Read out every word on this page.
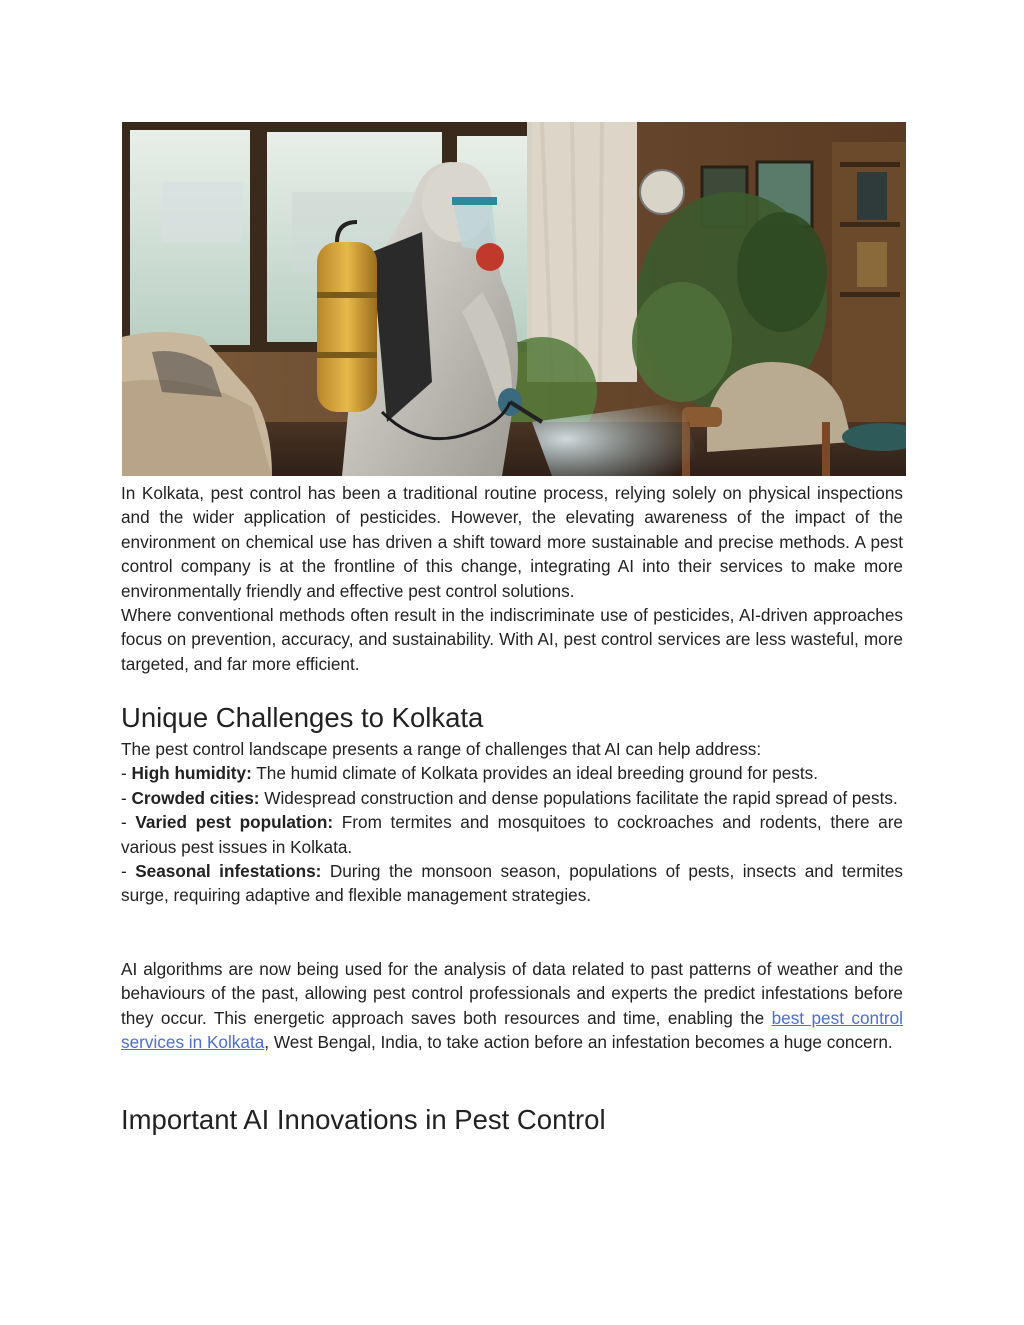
In Kolkata, pest control has been a traditional routine process, relying solely on physical inspections and the wider application of pesticides. However, the elevating awareness of the impact of the environment on chemical use has driven a shift toward more sustainable and precise methods. A pest control company is at the frontline of this change, integrating AI into their services to make more environmentally friendly and effective pest control solutions.

Where conventional methods often result in the indiscriminate use of pesticides, AI-driven approaches focus on prevention, accuracy, and sustainability. With AI, pest control services are less wasteful, more targeted, and far more efficient.

Unique Challenges to Kolkata

The pest control landscape presents a range of challenges that AI can help address:

- High humidity: The humid climate of Kolkata provides an ideal breeding ground for pests.

- Crowded cities: Widespread construction and dense populations facilitate the rapid spread of pests.

- Varied pest population: From termites and mosquitoes to cockroaches and rodents, there are various pest issues in Kolkata.

- Seasonal infestations: During the monsoon season, populations of pests, insects and termites surge, requiring adaptive and flexible management strategies.

AI algorithms are now being used for the analysis of data related to past patterns of weather and the behaviours of the past, allowing pest control professionals and experts the predict infestations before they occur. This energetic approach saves both resources and time, enabling the best pest control services in Kolkata, West Bengal, India, to take action before an infestation becomes a huge concern.

Important AI Innovations in Pest Control
